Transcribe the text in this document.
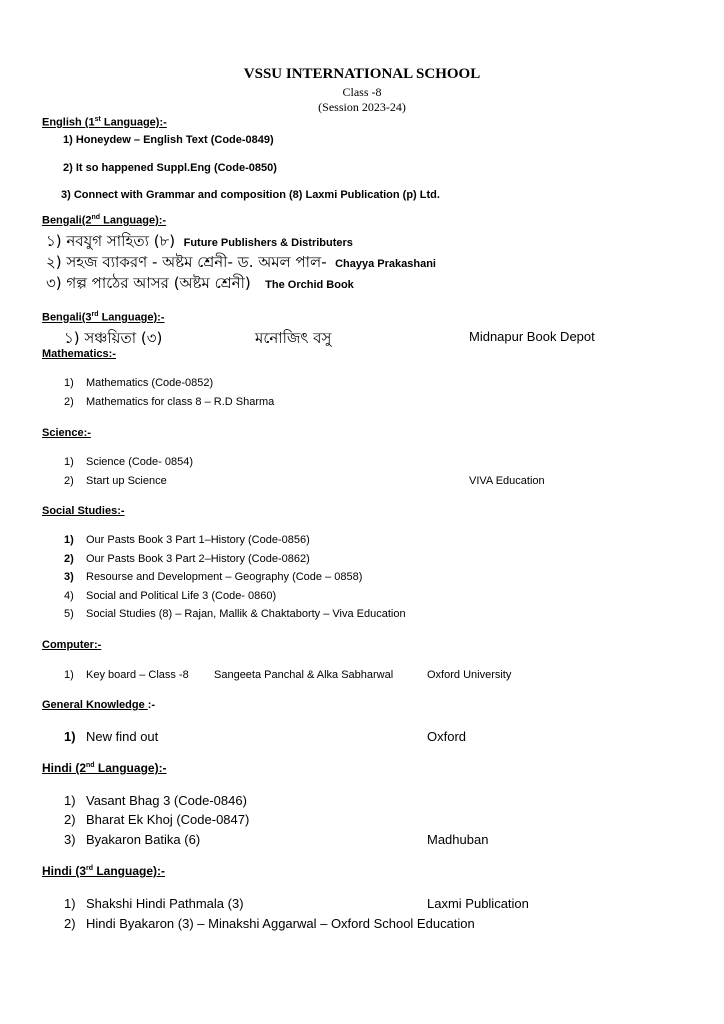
VSSU INTERNATIONAL SCHOOL
Class -8
(Session 2023-24)
English (1st Language):-
1) Honeydew – English Text (Code-0849)
2) It so happened Suppl.Eng (Code-0850)
3) Connect with Grammar and composition (8) Laxmi Publication (p) Ltd.
Bengali(2nd Language):-
১) নবযুগ সাহিত্য (৮) Future Publishers & Distributers
২) সহজ ব্যাকরণ - অষ্টম শ্রেনী- ড. অমল পাল- Chayya Prakashani
৩) গল্প পাঠের আসর (অষ্টম শ্রেনী) The Orchid Book
Bengali(3rd Language):-
১) সঞ্চয়িতা (৩)	মনোজিৎ বসু	Midnapur Book Depot
Mathematics:-
1) Mathematics (Code-0852)
2) Mathematics for class 8 – R.D Sharma
Science:-
1) Science (Code- 0854)
2) Start up Science	VIVA Education
Social Studies:-
1) Our Pasts Book 3 Part 1–History (Code-0856)
2) Our Pasts Book 3 Part 2–History (Code-0862)
3) Resourse and Development – Geography (Code – 0858)
4) Social and Political Life 3 (Code- 0860)
5) Social Studies (8) – Rajan, Mallik & Chaktaborty – Viva Education
Computer:-
1) Key board – Class -8 Sangeeta Panchal & Alka Sabharwal	Oxford University
General Knowledge :-
1) New find out	Oxford
Hindi (2nd Language):-
1) Vasant Bhag 3 (Code-0846)
2) Bharat Ek Khoj (Code-0847)
3) Byakaron Batika (6)	Madhuban
Hindi (3rd Language):-
1) Shakshi Hindi Pathmala (3)	Laxmi Publication
2) Hindi Byakaron (3) – Minakshi Aggarwal – Oxford School Education
